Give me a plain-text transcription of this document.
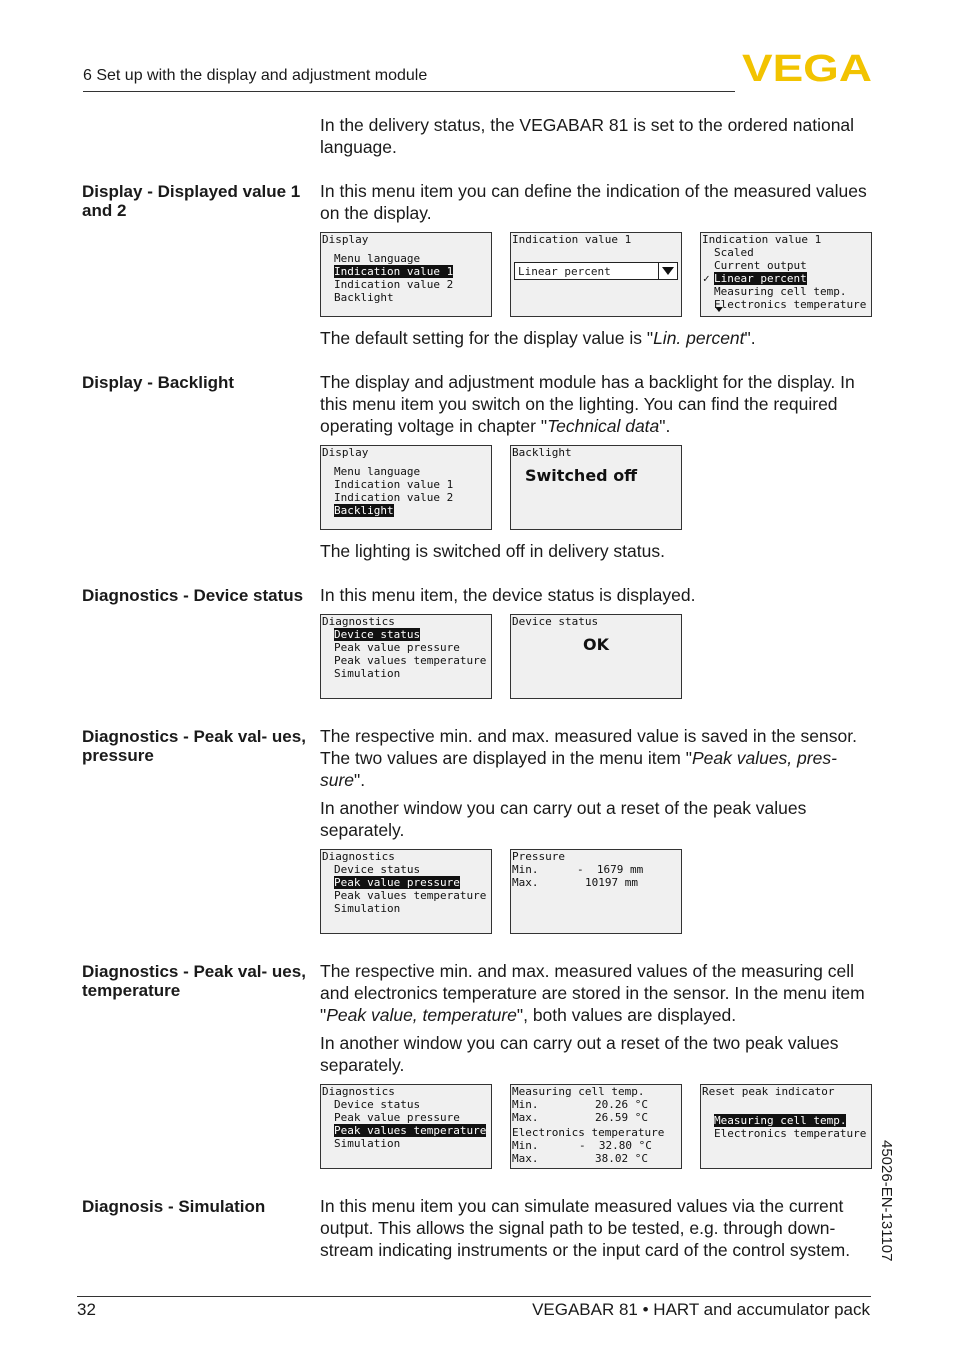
6 Set up with the display and adjustment module	VEGA
In the delivery status, the VEGABAR 81 is set to the ordered national language.
Display - Displayed value 1 and 2
In this menu item you can define the indication of the measured values on the display.
Display
Menu language
Indication value 1
Indication value 2
Backlight
Indication value 1
Linear percent
Indication value 1
Scaled
Current output
✓ Linear percent
Measuring cell temp.
Electronics temperature
The default setting for the display value is "Lin. percent".
Display - Backlight	The display and adjustment module has a backlight for the display. In this menu item you switch on the lighting. You can find the required operating voltage in chapter "Technical data".
Display
Menu language
Indication value 1
Indication value 2
Backlight
Backlight
Switched off
The lighting is switched off in delivery status.
Diagnostics - Device status In this menu item, the device status is displayed.
Diagnostics
Device status
Peak value pressure
Peak values temperature
Simulation
Device status
OK
Diagnostics - Peak val- ues, pressure
The respective min. and max. measured value is saved in the sensor. The two values are displayed in the menu item "Peak values, pres- sure".
In another window you can carry out a reset of the peak values separately.
Diagnostics
Device status
Peak value pressure
Peak values temperature
Simulation
Pressure
Min.	-  1679 mm
Max.	10197 mm
Diagnostics - Peak val- ues, temperature
The respective min. and max. measured values of the measuring cell and electronics temperature are stored in the sensor. In the menu item "Peak value, temperature", both values are displayed.
In another window you can carry out a reset of the two peak values separately.
Diagnostics
Device status
Peak value pressure
Peak values temperature
Simulation
Measuring cell temp.
Min.	20.26 °C
Max.	26.59 °C
Electronics temperature
Min.	-  32.80 °C
Max.	38.02 °C
Reset peak indicator
Measuring cell temp.
Electronics temperature
Diagnosis - Simulation	In this menu item you can simulate measured values via the current output. This allows the signal path to be tested, e.g. through down- stream indicating instruments or the input card of the control system.	45026-EN-131107
32	VEGABAR 81 • HART and accumulator pack
